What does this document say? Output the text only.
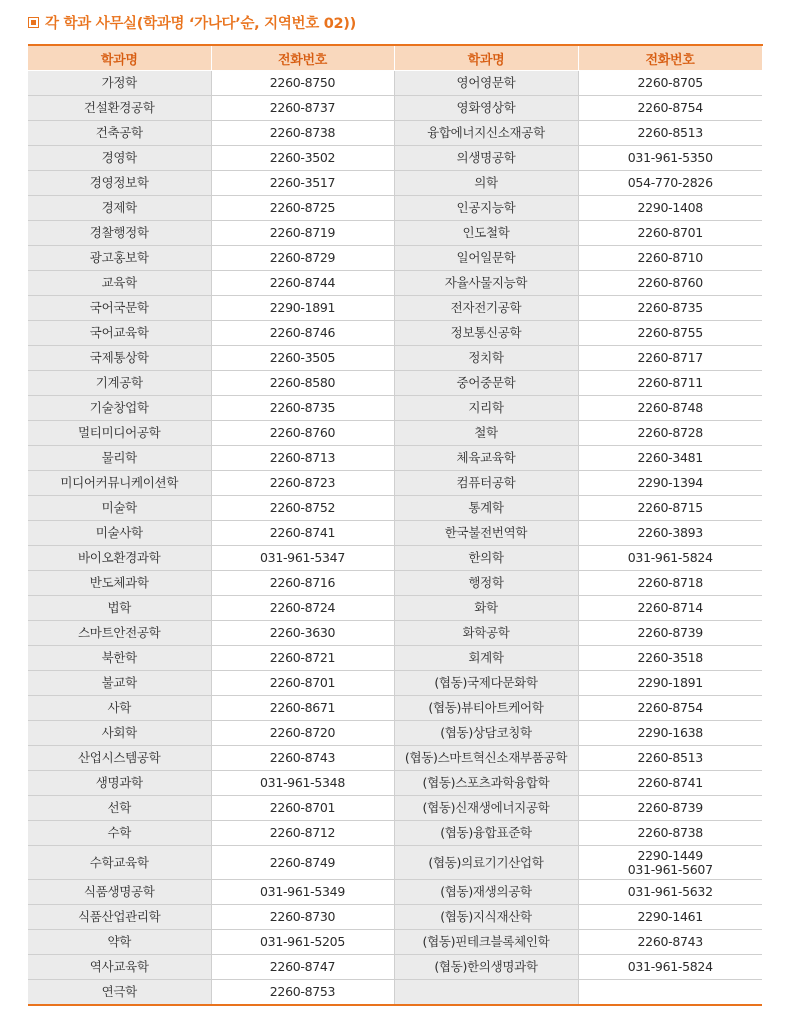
각 학과 사무실(학과명 ‘가나다’순, 지역번호 02))
학과명	전화번호	학과명	전화번호
가정학	2260-8750	영어영문학	2260-8705

건설환경공학	2260-8737	영화영상학	2260-8754

건축공학	2260-8738	융합에너지신소재공학	2260-8513

경영학	2260-3502	의생명공학	031-961-5350

경영정보학	2260-3517	의학	054-770-2826

경제학	2260-8725	인공지능학	2290-1408

경찰행정학	2260-8719	인도철학	2260-8701

광고홍보학	2260-8729	일어일문학	2260-8710

교육학	2260-8744	자율사물지능학	2260-8760

국어국문학	2290-1891	전자전기공학	2260-8735

국어교육학	2260-8746	정보통신공학	2260-8755

국제통상학	2260-3505	정치학	2260-8717

기계공학	2260-8580	중어중문학	2260-8711

기술창업학	2260-8735	지리학	2260-8748

멀티미디어공학	2260-8760	철학	2260-8728

물리학	2260-8713	체육교육학	2260-3481

미디어커뮤니케이션학	2260-8723	컴퓨터공학	2290-1394

미술학	2260-8752	통계학	2260-8715

미술사학	2260-8741	한국불전번역학	2260-3893

바이오환경과학	031-961-5347	한의학	031-961-5824

반도체과학	2260-8716	행정학	2260-8718

법학	2260-8724	화학	2260-8714

스마트안전공학	2260-3630	화학공학	2260-8739

북한학	2260-8721	회계학	2260-3518

불교학	2260-8701	(협동)국제다문화학	2290-1891

사학	2260-8671	(협동)뷰티아트케어학	2260-8754

사회학	2260-8720	(협동)상담코칭학	2290-1638

산업시스템공학	2260-8743	(협동)스마트혁신소재부품공학	2260-8513

생명과학	031-961-5348	(협동)스포츠과학융합학	2260-8741

선학	2260-8701	(협동)신재생에너지공학	2260-8739

수학	2260-8712	(협동)융합표준학	2260-8738

수학교육학	2260-8749	(협동)의료기기산업학	2290-1449
031-961-5607

식품생명공학	031-961-5349	(협동)재생의공학	031-961-5632

식품산업관리학	2260-8730	(협동)지식재산학	2290-1461

약학	031-961-5205	(협동)핀테크블록체인학	2260-8743

역사교육학	2260-8747	(협동)한의생명과학	031-961-5824

연극학	2260-8753		
